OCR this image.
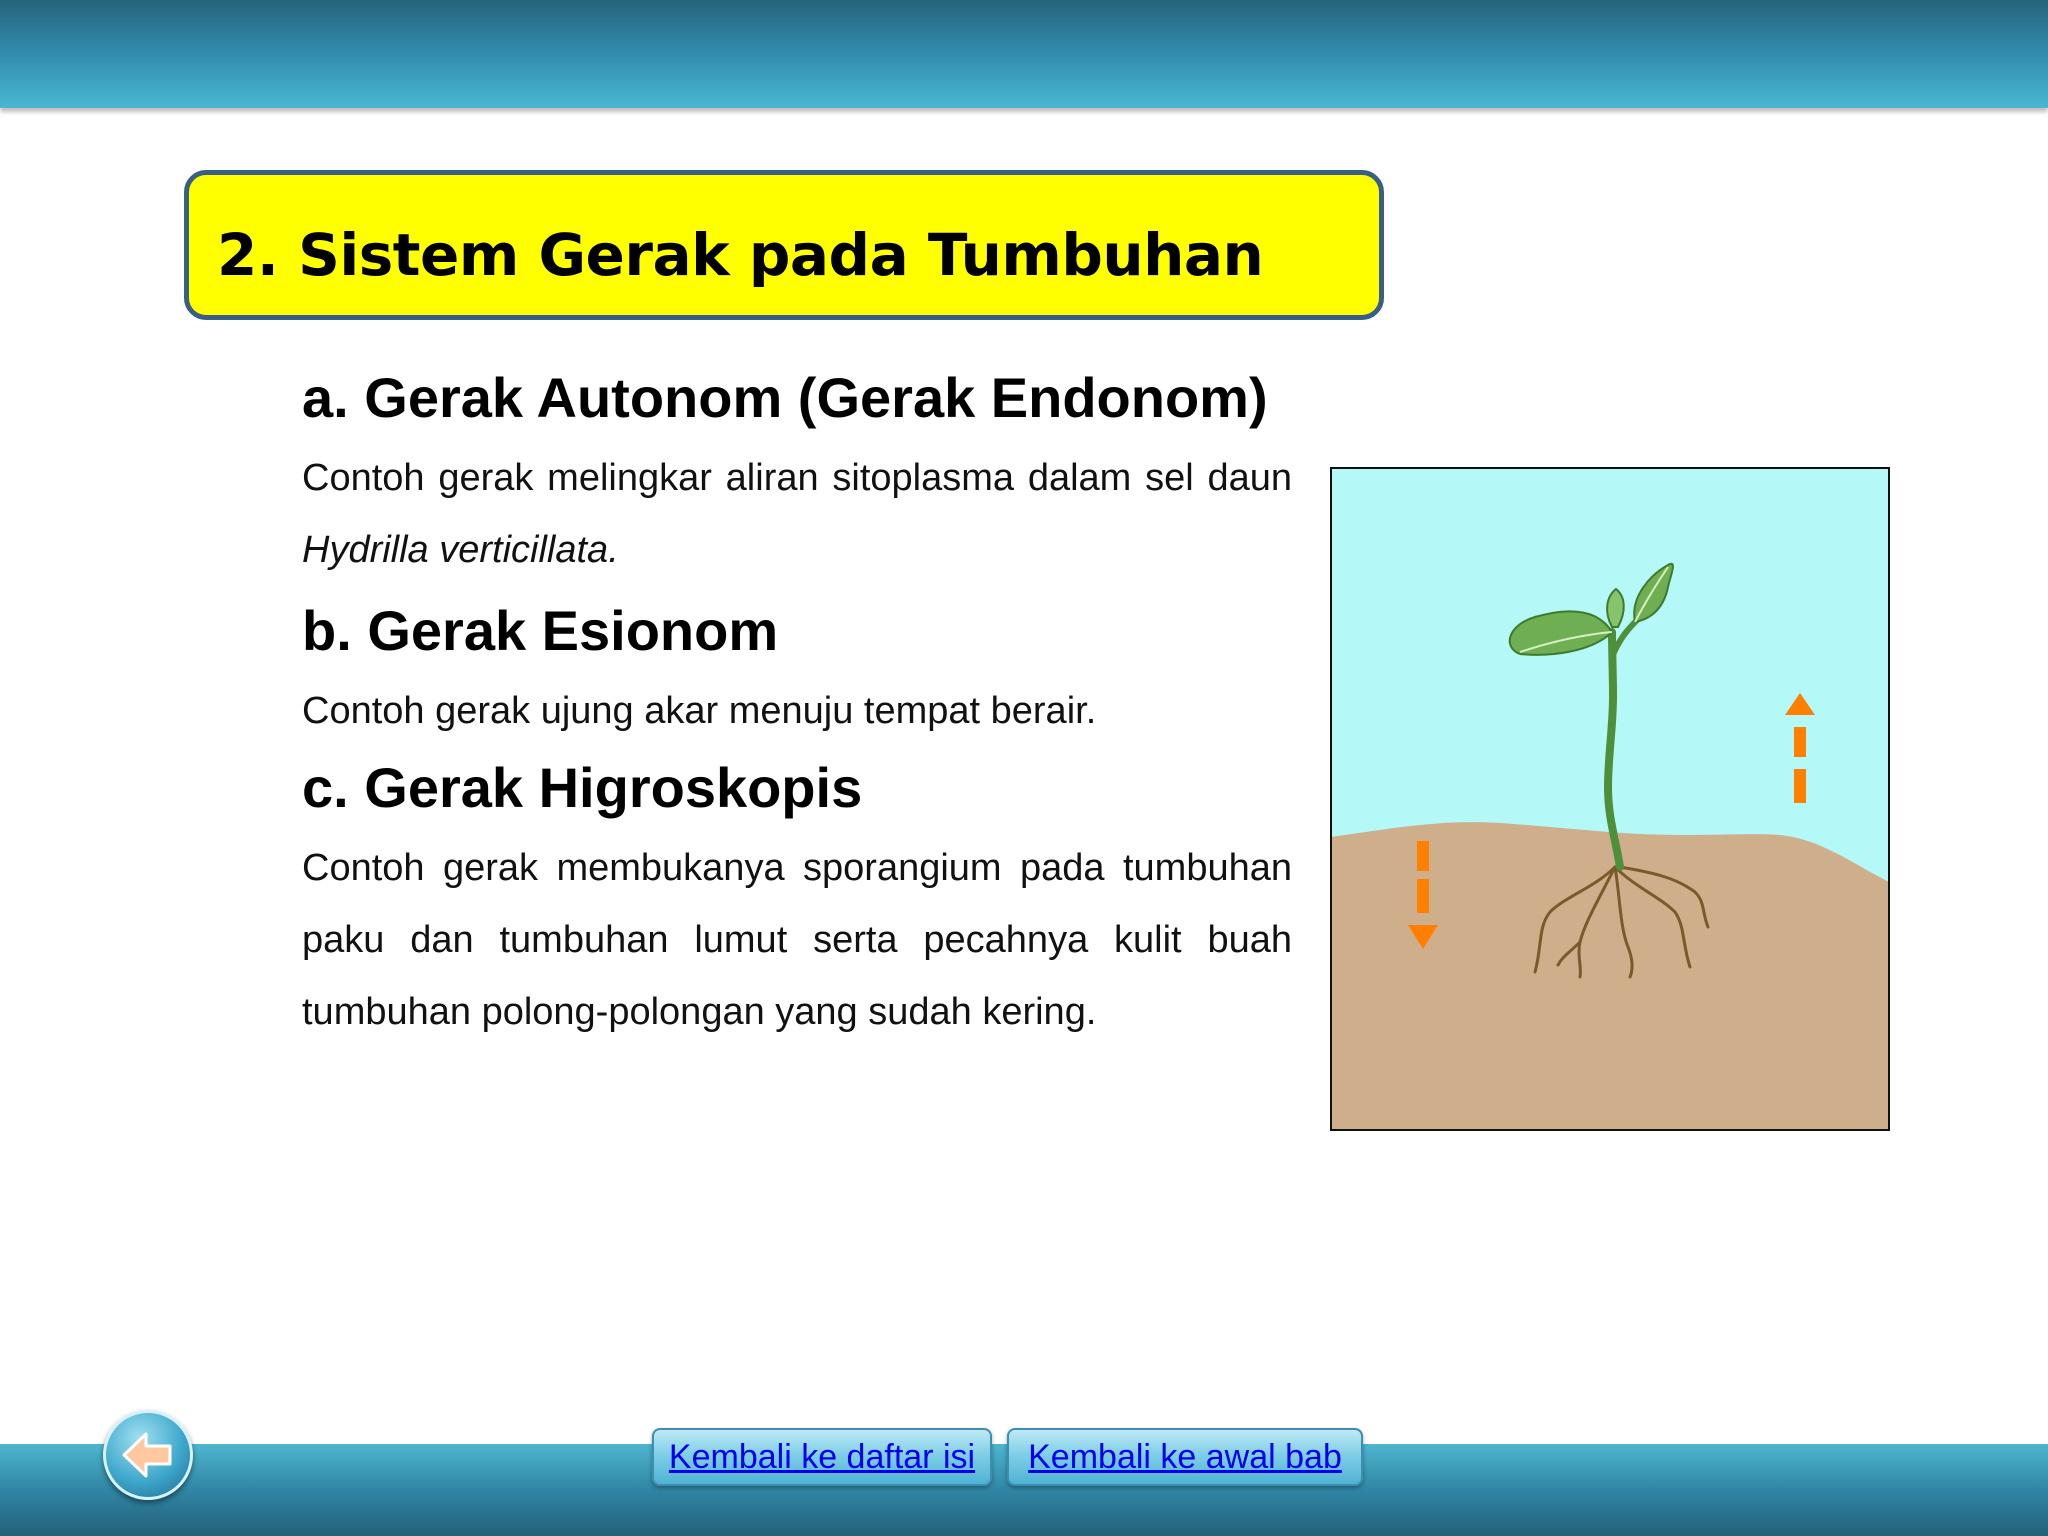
2. Sistem Gerak pada Tumbuhan
a. Gerak Autonom (Gerak Endonom)

Contoh gerak melingkar aliran sitoplasma dalam sel daun Hydrilla verticillata.

b. Gerak Esionom

Contoh gerak ujung akar menuju tempat berair.

c. Gerak Higroskopis

Contoh gerak membukanya sporangium pada tumbuhan paku dan tumbuhan lumut serta pecahnya kulit buah tumbuhan polong-polongan yang sudah kering.

Kembali ke daftar isi Kembali ke awal bab
